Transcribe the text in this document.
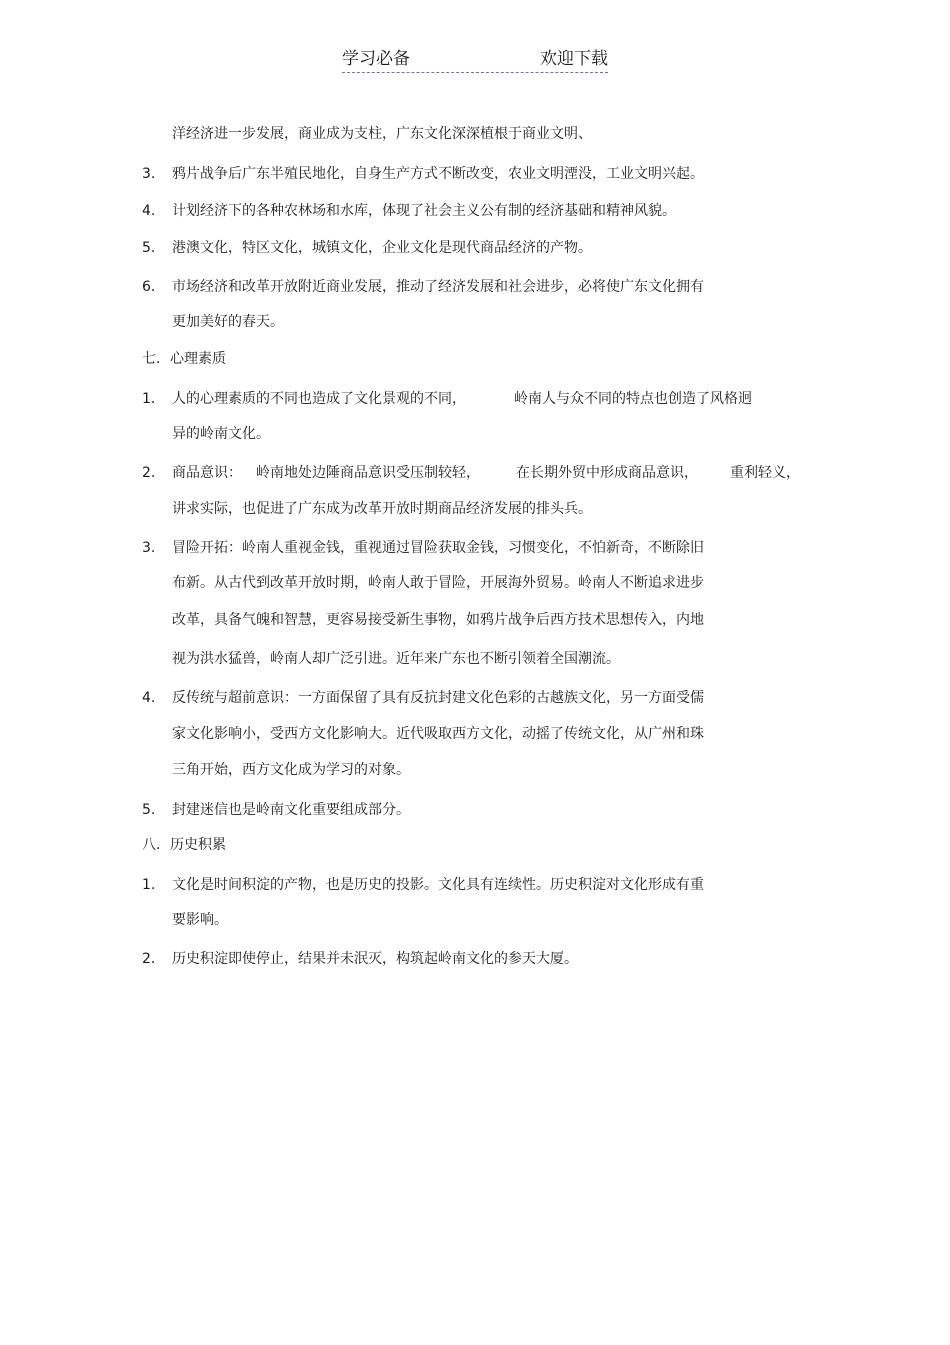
学习必备	欢迎下载
洋经济进一步发展，商业成为支柱，广东文化深深植根于商业文明、
3. 鸦片战争后广东半殖民地化，自身生产方式不断改变，农业文明湮没，工业文明兴起。
4. 计划经济下的各种农林场和水库，体现了社会主义公有制的经济基础和精神风貌。
5. 港澳文化，特区文化，城镇文化，企业文化是现代商品经济的产物。
6. 市场经济和改革开放附近商业发展，推动了经济发展和社会进步，必将使广东文化拥有
更加美好的春天。
七．心理素质
1. 人的心理素质的不同也造成了文化景观的不同，	岭南人与众不同的特点也创造了风格迥
异的岭南文化。
2. 商品意识： 岭南地处边陲商品意识受压制较轻，	在长期外贸中形成商品意识， 重利轻义，
讲求实际，也促进了广东成为改革开放时期商品经济发展的排头兵。
3. 冒险开拓：岭南人重视金钱，重视通过冒险获取金钱，习惯变化，不怕新奇，不断除旧
布新。从古代到改革开放时期，岭南人敢于冒险，开展海外贸易。岭南人不断追求进步
改革，具备气魄和智慧，更容易接受新生事物，如鸦片战争后西方技术思想传入，内地
视为洪水猛兽，岭南人却广泛引进。近年来广东也不断引领着全国潮流。
4. 反传统与超前意识：一方面保留了具有反抗封建文化色彩的古越族文化，另一方面受儒
家文化影响小，受西方文化影响大。近代吸取西方文化，动摇了传统文化，从广州和珠
三角开始，西方文化成为学习的对象。
5. 封建迷信也是岭南文化重要组成部分。
八．历史积累
1. 文化是时间积淀的产物，也是历史的投影。文化具有连续性。历史积淀对文化形成有重
要影响。
2. 历史积淀即使停止，结果并未泯灭，构筑起岭南文化的参天大厦。
